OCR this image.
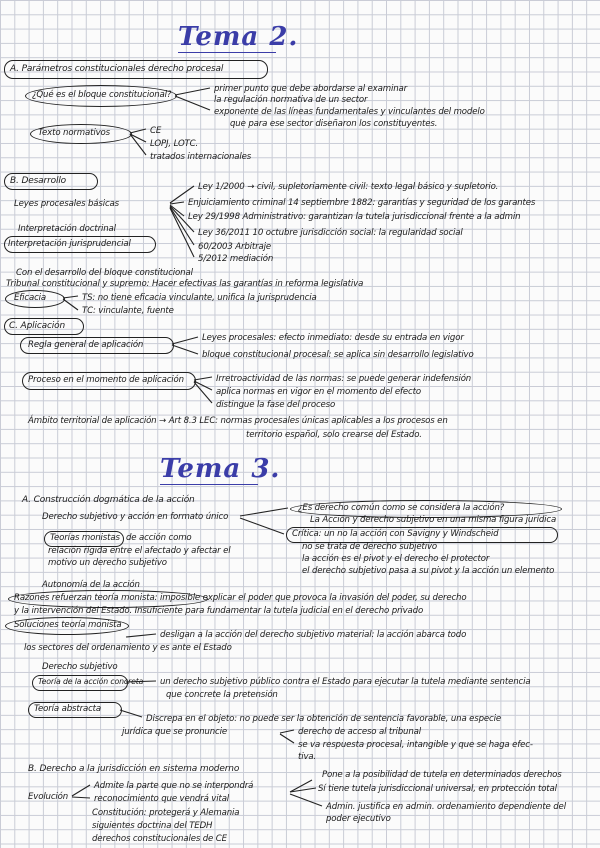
Tema 2.
A. Parámetros constitucionales derecho procesal
¿Qué es el bloque constitucional?
primer punto que debe abordarse al examinar
la regulación normativa de un sector
exponente de las líneas fundamentales y vinculantes del modelo
que para ese sector diseñaron los constituyentes.
Texto normativos	CE
LOPJ, LOTC.
tratados internacionales
B. Desarrollo
Leyes procesales básicas
Interpretación doctrinal
Interpretación jurisprudencial
Ley 1/2000 → civil, supletoriamente civil: texto legal básico y supletorio.
Enjuiciamiento criminal 14 septiembre 1882: garantías y seguridad de los garantes
Ley 29/1998 Administrativo: garantizan la tutela jurisdiccional frente a la admin
Ley 36/2011 10 octubre jurisdicción social: la regularidad social
60/2003 Arbitraje
5/2012 mediación
Con el desarrollo del bloque constitucional
Tribunal constitucional y supremo: Hacer efectivas las garantías in reforma legislativa
Eficacia	TS: no tiene eficacia vinculante, unifica la jurisprudencia
TC: vinculante, fuente
C. Aplicación
Regla general de aplicación
Leyes procesales: efecto inmediato: desde su entrada en vigor
bloque constitucional procesal: se aplica sin desarrollo legislativo
Proceso en el momento de aplicación	Irretroactividad de las normas: se puede generar indefensión
aplica normas en vigor en el momento del efecto
distingue la fase del proceso
Ámbito territorial de aplicación → Art 8.3 LEC: normas procesales únicas aplicables a los procesos en
territorio español, solo crearse del Estado.
Tema 3.
A. Construcción dogmática de la acción
Derecho subjetivo y acción en formato único
¿Es derecho común como se considera la acción?
La Acción y derecho subjetivo en una misma figura jurídica
Teorías monistas de acción como
relación rígida entre el afectado y afectar el
motivo un derecho subjetivo
Crítica: un no la acción con Savigny y Windscheid
no se trata de derecho subjetivo
la acción es el pivot y el derecho el protector
el derecho subjetivo pasa a su pivot y la acción un elemento
Autonomía de la acción
Razones refuerzan teoría monista: imposible explicar el poder que provoca la invasión del poder, su derecho
y la intervención del Estado. Insuficiente para fundamentar la tutela judicial en el derecho privado
Soluciones teoría monista
desligan a la acción del derecho subjetivo material: la acción abarca todo
los sectores del ordenamiento y es ante el Estado
Derecho subjetivo
Teoría de la acción concreta un derecho subjetivo público contra el Estado para ejecutar la tutela mediante sentencia
que concrete la pretensión
Teoría abstracta
Discrepa en el objeto: no puede ser la obtención de sentencia favorable, una especie
jurídica que se pronuncie	derecho de acceso al tribunal
se va respuesta procesal, intangible y que se haga efec-
tiva.
B. Derecho a la jurisdicción en sistema moderno
Evolución
Admite la parte que no se interpondrá
reconocimiento que vendrá vital
Constitución: protegerá y Alemania
siguientes doctrina del TEDH
derechos constitucionales de CE
Pone a la posibilidad de tutela en determinados derechos
Sí tiene tutela jurisdiccional universal, en protección total
Admin. justifica en admin. ordenamiento dependiente del
poder ejecutivo
